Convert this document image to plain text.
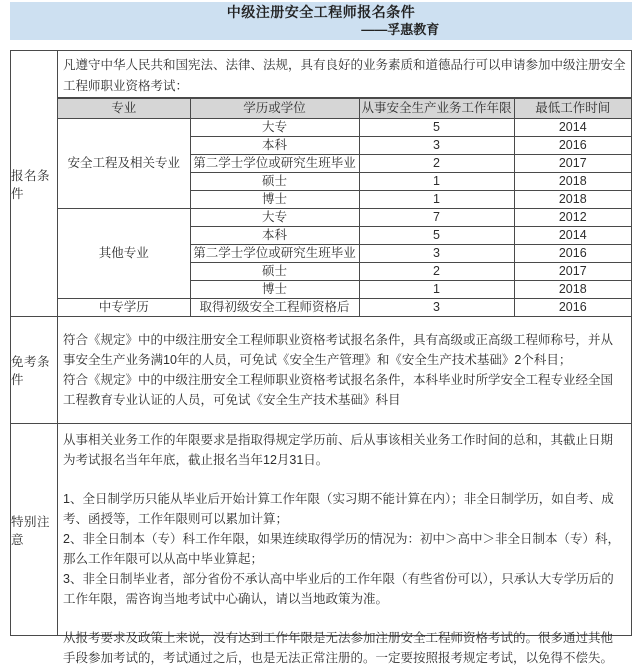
中级注册安全工程师报名条件
——孚惠教育
报名条件
凡遵守中华人民共和国宪法、法律、法规，具有良好的业务素质和道德品行可以申请参加中级注册安全工程师职业资格考试：
专业	学历或学位	从事安全生产业务工作年限	最低工作时间
安全工程及相关专业	大专	5	2014
	本科	3	2016
	第二学士学位或研究生班毕业	2	2017
	硕士	1	2018
	博士	1	2018
其他专业	大专	7	2012
	本科	5	2014
	第二学士学位或研究生班毕业	3	2016
	硕士	2	2017
	博士	1	2018
中专学历	取得初级安全工程师资格后	3	2016
免考条件

符合《规定》中的中级注册安全工程师职业资格考试报名条件，具有高级或正高级工程师称号，并从事安全生产业务满10年的人员，可免试《安全生产管理》和《安全生产技术基础》2个科目；

符合《规定》中的中级注册安全工程师职业资格考试报名条件，本科毕业时所学安全工程专业经全国工程教育专业认证的人员，可免试《安全生产技术基础》科目

特别注意

从事相关业务工作的年限要求是指取得规定学历前、后从事该相关业务工作时间的总和，其截止日期为考试报名当年年底，截止报名当年12月31日。

1、全日制学历只能从毕业后开始计算工作年限（实习期不能计算在内）；非全日制学历，如自考、成考、函授等，工作年限则可以累加计算；

2、非全日制本（专）科工作年限，如果连续取得学历的情况为：初中＞高中＞非全日制本（专）科，那么工作年限可以从高中毕业算起；

3、非全日制毕业者，部分省份不承认高中毕业后的工作年限（有些省份可以），只承认大专学历后的工作年限，需咨询当地考试中心确认，请以当地政策为准。

从报考要求及政策上来说，没有达到工作年限是无法参加注册安全工程师资格考试的。很多通过其他手段参加考试的，考试通过之后，也是无法正常注册的。一定要按照报考规定考试，以免得不偿失。
